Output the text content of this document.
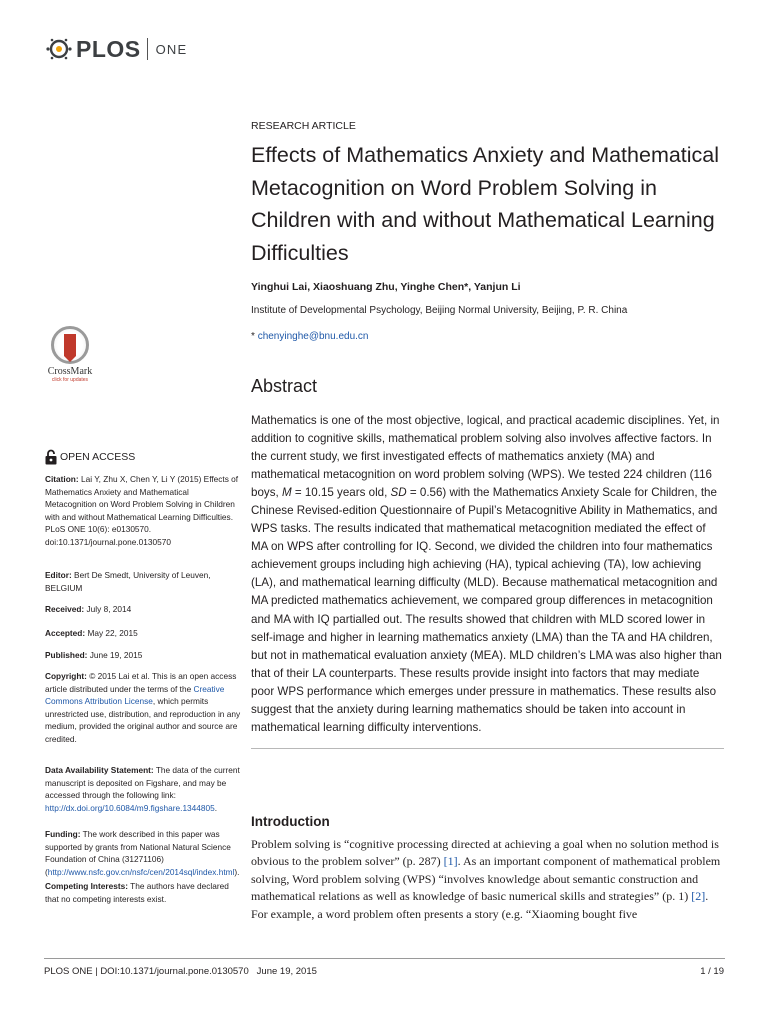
PLOS ONE
RESEARCH ARTICLE
Effects of Mathematics Anxiety and Mathematical Metacognition on Word Problem Solving in Children with and without Mathematical Learning Difficulties
Yinghui Lai, Xiaoshuang Zhu, Yinghe Chen*, Yanjun Li
Institute of Developmental Psychology, Beijing Normal University, Beijing, P. R. China
* chenyinghe@bnu.edu.cn
Abstract

Mathematics is one of the most objective, logical, and practical academic disciplines. Yet, in addition to cognitive skills, mathematical problem solving also involves affective factors. In the current study, we first investigated effects of mathematics anxiety (MA) and mathematical metacognition on word problem solving (WPS). We tested 224 children (116 boys, M = 10.15 years old, SD = 0.56) with the Mathematics Anxiety Scale for Children, the Chinese Revised-edition Questionnaire of Pupil’s Metacognitive Ability in Mathematics, and WPS tasks. The results indicated that mathematical metacognition mediated the effect of MA on WPS after controlling for IQ. Second, we divided the children into four mathematics achievement groups including high achieving (HA), typical achieving (TA), low achieving (LA), and mathematical learning difficulty (MLD). Because mathematical metacognition and MA predicted mathematics achievement, we compared group differences in metacognition and MA with IQ partialled out. The results showed that children with MLD scored lower in self-image and higher in learning mathematics anxiety (LMA) than the TA and HA children, but not in mathematical evaluation anxiety (MEA). MLD children’s LMA was also higher than that of their LA counterparts. These results provide insight into factors that may mediate poor WPS performance which emerges under pressure in mathematics. These results also suggest that the anxiety during learning mathematics should be taken into account in mathematical learning difficulty interventions.

Introduction

Problem solving is “cognitive processing directed at achieving a goal when no solution method is obvious to the problem solver” (p. 287) [1]. As an important component of mathematical problem solving, Word problem solving (WPS) “involves knowledge about semantic construction and mathematical relations as well as knowledge of basic numerical skills and strategies” (p. 1) [2]. For example, a word problem often presents a story (e.g. “Xiaoming bought five

CrossMark
click for updates
OPEN ACCESS

Citation: Lai Y, Zhu X, Chen Y, Li Y (2015) Effects of Mathematics Anxiety and Mathematical Metacognition on Word Problem Solving in Children with and without Mathematical Learning Difficulties. PLoS ONE 10(6): e0130570. doi:10.1371/journal.pone.0130570

Editor: Bert De Smedt, University of Leuven, BELGIUM

Received: July 8, 2014

Accepted: May 22, 2015

Published: June 19, 2015

Copyright: © 2015 Lai et al. This is an open access article distributed under the terms of the Creative Commons Attribution License, which permits unrestricted use, distribution, and reproduction in any medium, provided the original author and source are credited.

Data Availability Statement: The data of the current manuscript is deposited on Figshare, and may be accessed through the following link: http://dx.doi.org/10.6084/m9.figshare.1344805.

Funding: The work described in this paper was supported by grants from National Natural Science Foundation of China (31271106) (http://www.nsfc.gov.cn/nsfc/cen/2014sql/index.html).

Competing Interests: The authors have declared that no competing interests exist.

PLOS ONE | DOI:10.1371/journal.pone.0130570 June 19, 2015	1 / 19
